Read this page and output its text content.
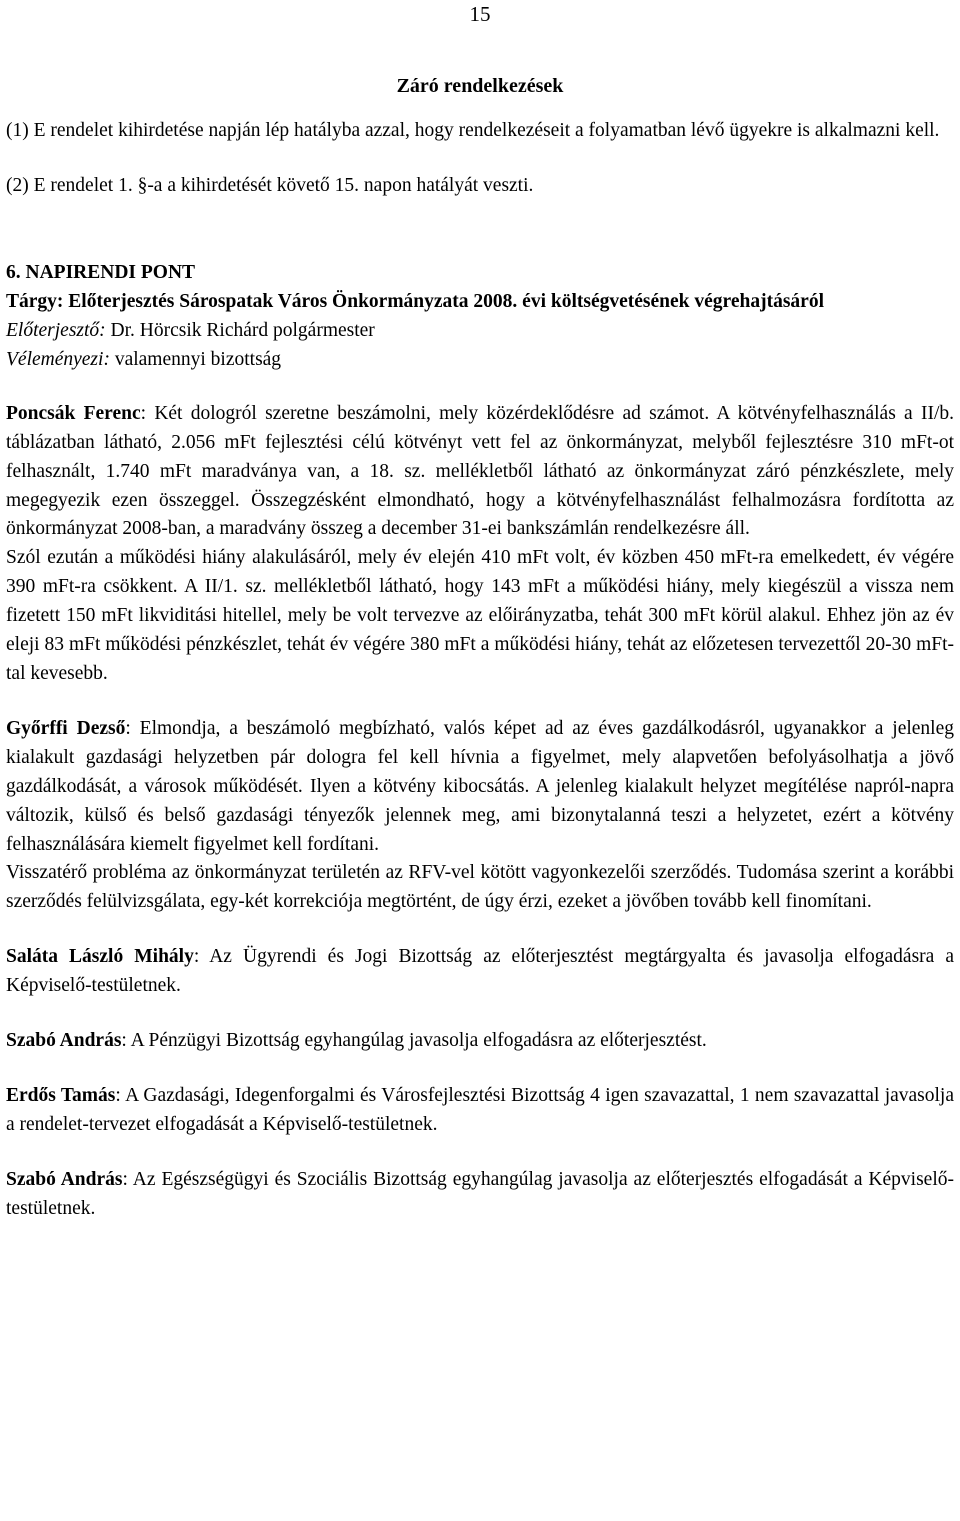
15

Záró rendelkezések

(1) E rendelet kihirdetése napján lép hatályba azzal, hogy rendelkezéseit a folyamatban lévő ügyekre is alkalmazni kell.

(2) E rendelet 1. §-a a kihirdetését követő 15. napon hatályát veszti.

6. NAPIRENDI PONT

Tárgy: Előterjesztés Sárospatak Város Önkormányzata 2008. évi költségvetésének végrehajtásáról

Előterjesztő: Dr. Hörcsik Richárd polgármester

Véleményezi: valamennyi bizottság

Poncsák Ferenc: Két dologról szeretne beszámolni, mely közérdeklődésre ad számot. A kötvényfelhasználás a II/b. táblázatban látható, 2.056 mFt fejlesztési célú kötvényt vett fel az önkormányzat, melyből fejlesztésre 310 mFt-ot felhasznált, 1.740 mFt maradványa van, a 18. sz. mellékletből látható az önkormányzat záró pénzkészlete, mely megegyezik ezen összeggel. Összegzésként elmondható, hogy a kötvényfelhasználást felhalmozásra fordította az önkormányzat 2008-ban, a maradvány összeg a december 31-ei bankszámlán rendelkezésre áll.

Szól ezután a működési hiány alakulásáról, mely év elején 410 mFt volt, év közben 450 mFt-ra emelkedett, év végére 390 mFt-ra csökkent. A II/1. sz. mellékletből látható, hogy 143 mFt a működési hiány, mely kiegészül a vissza nem fizetett 150 mFt likviditási hitellel, mely be volt tervezve az előirányzatba, tehát 300 mFt körül alakul. Ehhez jön az év eleji 83 mFt működési pénzkészlet, tehát év végére 380 mFt a működési hiány, tehát az előzetesen tervezettől 20-30 mFt-tal kevesebb.

Győrffi Dezső: Elmondja, a beszámoló megbízható, valós képet ad az éves gazdálkodásról, ugyanakkor a jelenleg kialakult gazdasági helyzetben pár dologra fel kell hívnia a figyelmet, mely alapvetően befolyásolhatja a jövő gazdálkodását, a városok működését. Ilyen a kötvény kibocsátás. A jelenleg kialakult helyzet megítélése napról-napra változik, külső és belső gazdasági tényezők jelennek meg, ami bizonytalanná teszi a helyzetet, ezért a kötvény felhasználására kiemelt figyelmet kell fordítani.

Visszatérő probléma az önkormányzat területén az RFV-vel kötött vagyonkezelői szerződés. Tudomása szerint a korábbi szerződés felülvizsgálata, egy-két korrekciója megtörtént, de úgy érzi, ezeket a jövőben tovább kell finomítani.

Saláta László Mihály: Az Ügyrendi és Jogi Bizottság az előterjesztést megtárgyalta és javasolja elfogadásra a Képviselő-testületnek.

Szabó András: A Pénzügyi Bizottság egyhangúlag javasolja elfogadásra az előterjesztést.

Erdős Tamás: A Gazdasági, Idegenforgalmi és Városfejlesztési Bizottság 4 igen szavazattal, 1 nem szavazattal javasolja a rendelet-tervezet elfogadását a Képviselő-testületnek.

Szabó András: Az Egészségügyi és Szociális Bizottság egyhangúlag javasolja az előterjesztés elfogadását a Képviselő-testületnek.
